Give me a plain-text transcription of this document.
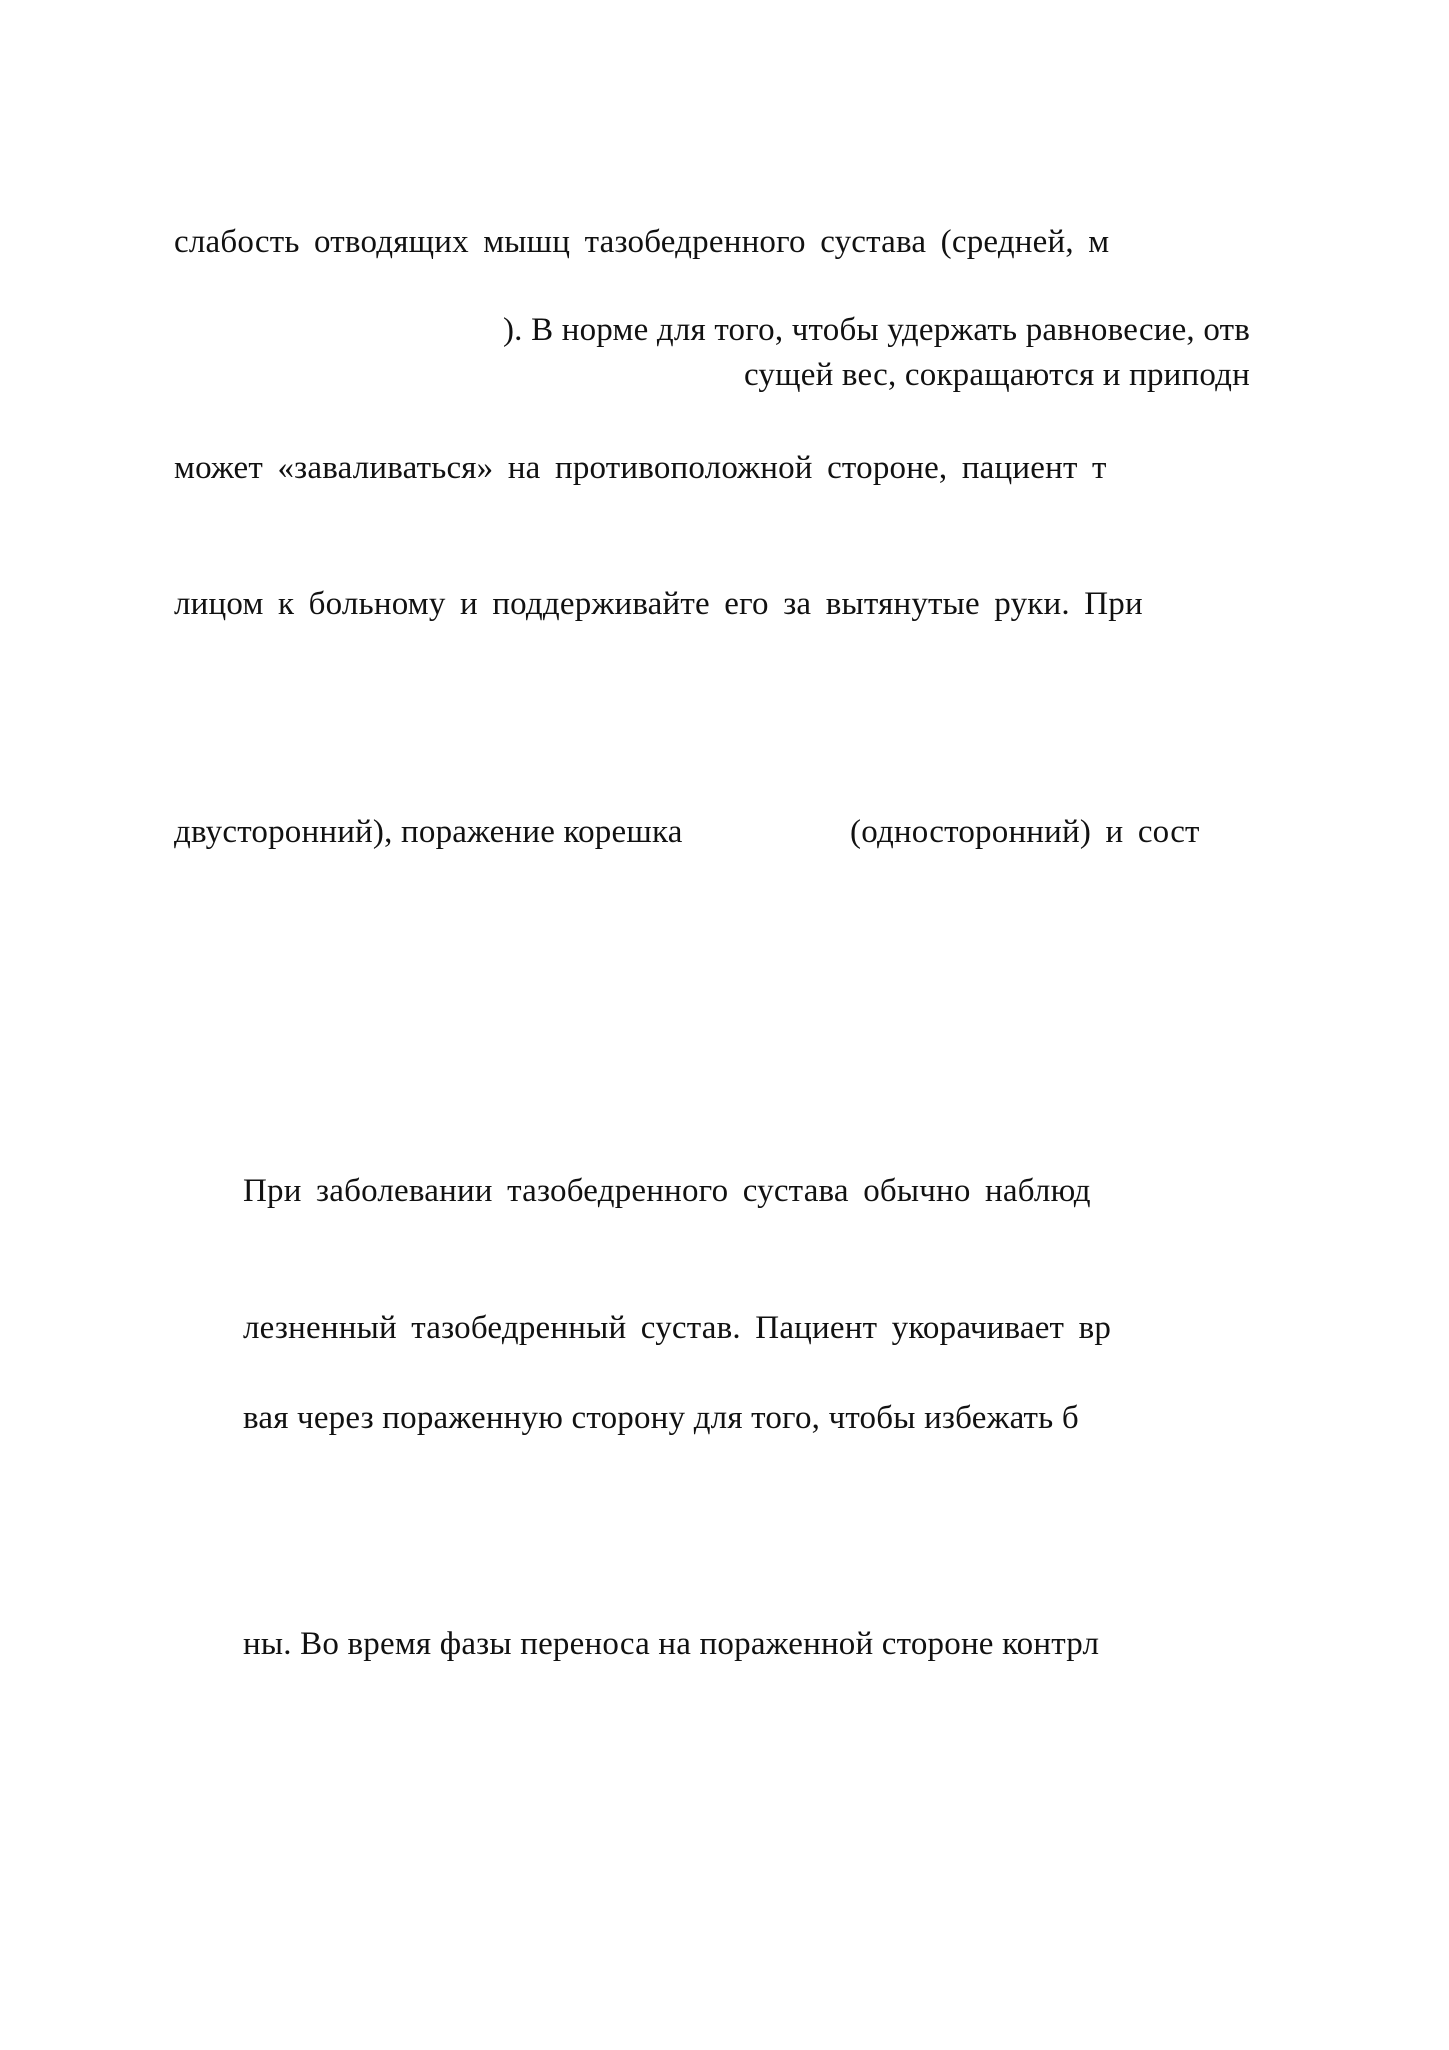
слабость отводящих мышц тазобедренного сустава (средней, м
). В норме для того, чтобы удержать равновесие, отв
сущей вес, сокращаются и приподн
может «заваливаться» на противоположной стороне, пациент т
лицом к больному и поддерживайте его за вытянутые руки. При
двусторонний), поражение корешка	(односторонний) и сост
При заболевании тазобедренного сустава обычно наблюд
лезненный тазобедренный сустав. Пациент укорачивает вр
вая через пораженную сторону для того, чтобы избежать б
ны. Во время фазы переноса на пораженной стороне контрл
